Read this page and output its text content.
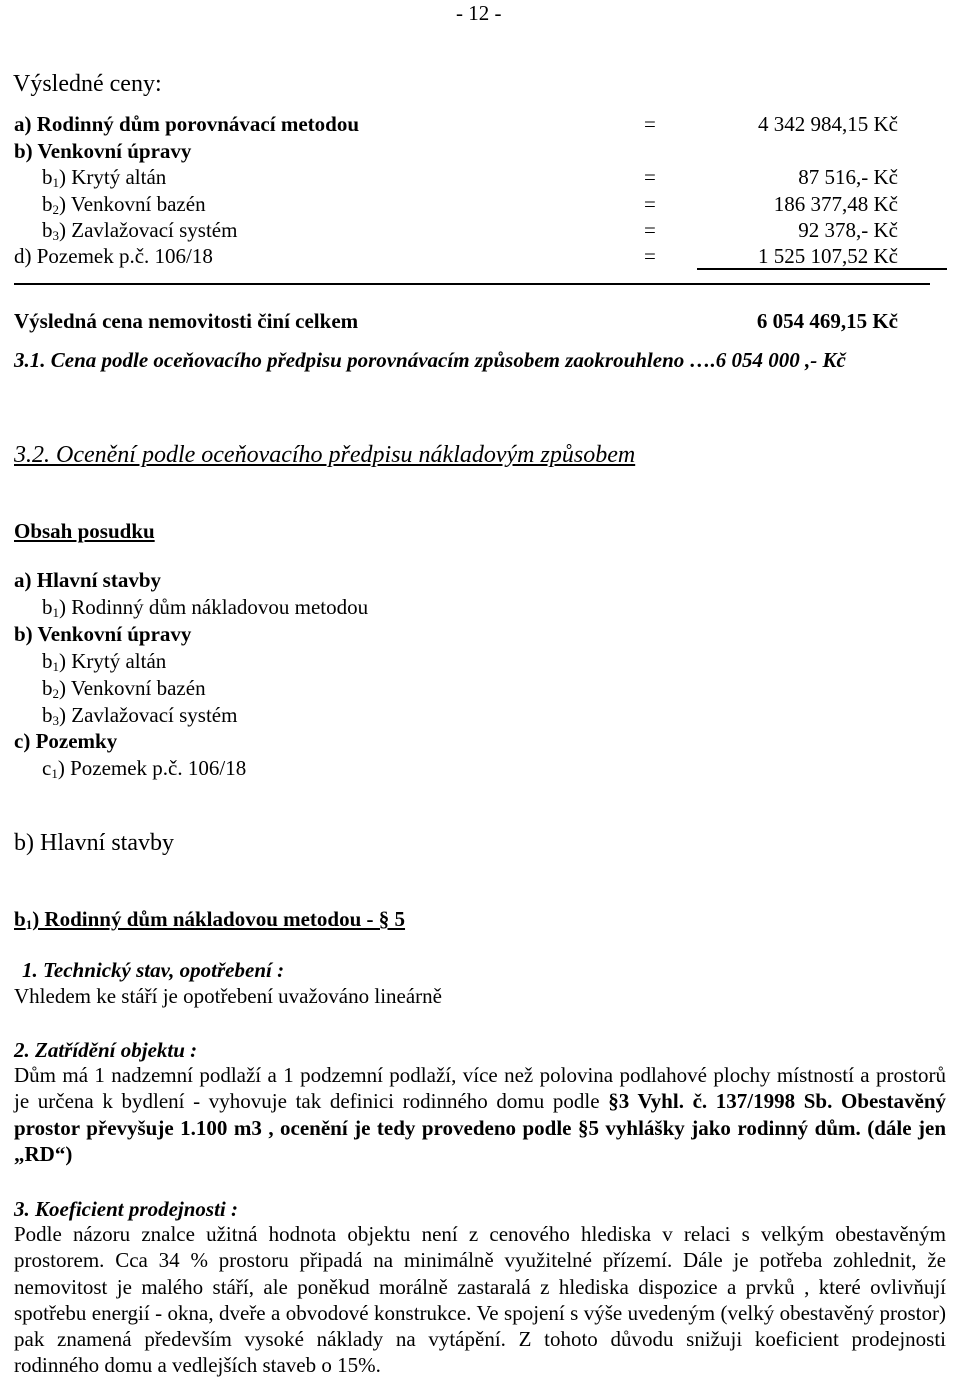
- 12 -
Výsledné ceny:
a) Rodinný dům porovnávací metodou	=	4 342 984,15 Kč
b) Venkovní úpravy
$b_1$) Krytý altán	=	87 516,- Kč
$b_2$) Venkovní bazén	=	186 377,48 Kč
$b_3$) Zavlažovací systém	=	92 378,- Kč
d) Pozemek p.č. 106/18	=	1 525 107,52 Kč
Výsledná cena nemovitosti činí celkem	6 054 469,15 Kč
3.1. Cena podle oceňovacího předpisu porovnávacím způsobem zaokrouhleno ….6 054 000 ,- Kč
3.2. Ocenění podle oceňovacího předpisu nákladovým způsobem
Obsah posudku
a) Hlavní stavby
$b_1$) Rodinný dům nákladovou metodou
b) Venkovní úpravy
$b_1$) Krytý altán
$b_2$) Venkovní bazén
$b_3$) Zavlažovací systém
c) Pozemky
$c_1$) Pozemek p.č. 106/18
b) Hlavní stavby
$b_1$) Rodinný dům nákladovou metodou - § 5
1. Technický stav, opotřebení :
Vhledem ke stáří je opotřebení uvažováno lineárně
2. Zatřídění objektu :
Dům má 1 nadzemní podlaží a 1 podzemní podlaží, více než polovina podlahové plochy místností a prostorů je určena k bydlení - vyhovuje tak definici rodinného domu podle §3 Vyhl. č. 137/1998 Sb. Obestavěný prostor převyšuje 1.100 m3 , ocenění je tedy provedeno podle §5 vyhlášky jako rodinný dům. (dále jen „RD“)
3. Koeficient prodejnosti :
Podle názoru znalce užitná hodnota objektu není z cenového hlediska v relaci s velkým obestavěným prostorem. Cca 34 % prostoru připadá na minimálně využitelné přízemí. Dále je potřeba zohlednit, že nemovitost je malého stáří, ale poněkud morálně zastaralá z hlediska dispozice a prvků , které ovlivňují spotřebu energií - okna, dveře a obvodové konstrukce. Ve spojení s výše uvedeným (velký obestavěný prostor) pak znamená především vysoké náklady na vytápění. Z tohoto důvodu snižuji koeficient prodejnosti rodinného domu a vedlejších staveb o 15%.
